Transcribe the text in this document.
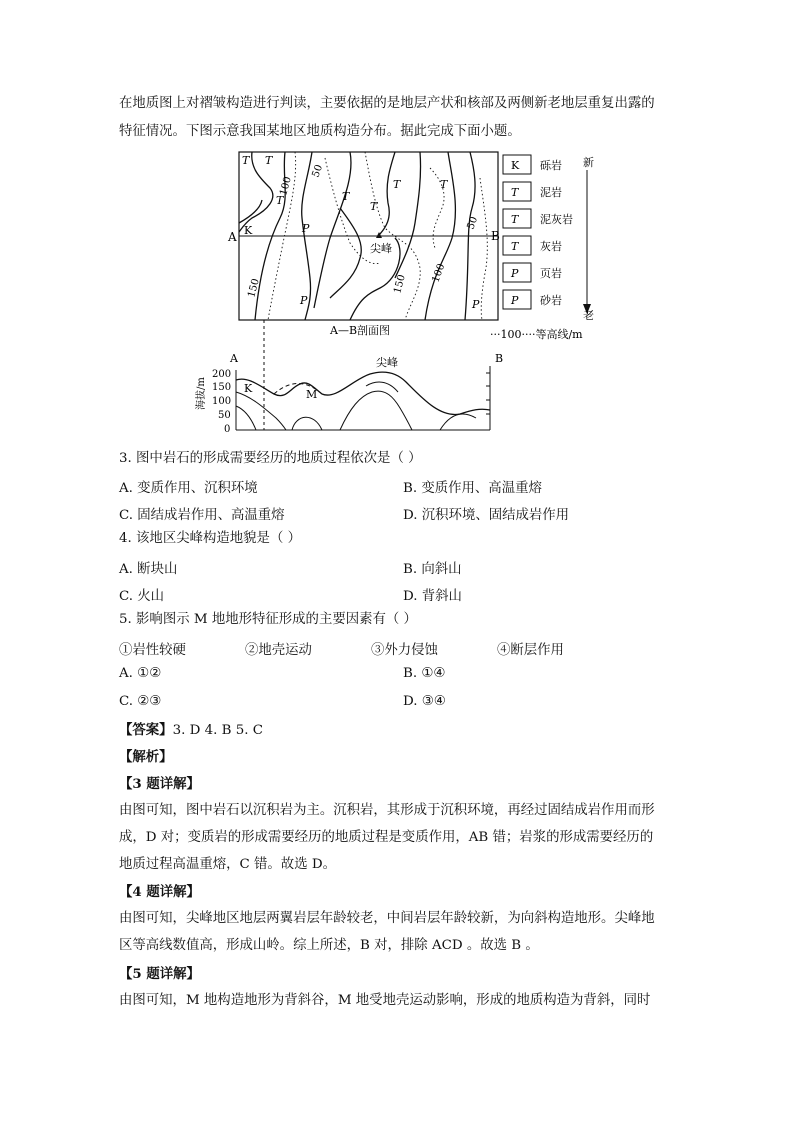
在地质图上对褶皱构造进行判读，主要依据的是地层产状和核部及两侧新老地层重复出露的
特征情况。下图示意我国某地区地质构造分布。据此完成下面小题。
A	B
100
50
150
100
50
150
T T
T	T
T
T	T
P
P	P
K
尖峰
A—B剖面图
K 砾岩
T 泥岩
T 泥灰岩
T 灰岩
P 页岩
P 砂岩
新
老
···100····等高线/m
A	B
海拔/m
200
150
100
50
0
尖峰
M
K
3. 图中岩石的形成需要经历的地质过程依次是（ ）
A. 变质作用、沉积环境	B. 变质作用、高温重熔
C. 固结成岩作用、高温重熔	D. 沉积环境、固结成岩作用
4. 该地区尖峰构造地貌是（ ）
A. 断块山	B. 向斜山
C. 火山	D. 背斜山
5. 影响图示 M 地地形特征形成的主要因素有（ ）
①岩性较硬	②地壳运动	③外力侵蚀	④断层作用
A. ①②	B. ①④
C. ②③	D. ③④
【答案】3. D 4. B 5. C
【解析】
【3 题详解】
由图可知，图中岩石以沉积岩为主。沉积岩，其形成于沉积环境，再经过固结成岩作用而形
成，D 对；变质岩的形成需要经历的地质过程是变质作用，AB 错；岩浆的形成需要经历的
地质过程高温重熔，C 错。故选 D。
【4 题详解】
由图可知，尖峰地区地层两翼岩层年龄较老，中间岩层年龄较新，为向斜构造地形。尖峰地
区等高线数值高，形成山岭。综上所述，B 对，排除 ACD 。故选 B 。
【5 题详解】
由图可知，M 地构造地形为背斜谷，M 地受地壳运动影响，形成的地质构造为背斜，同时
